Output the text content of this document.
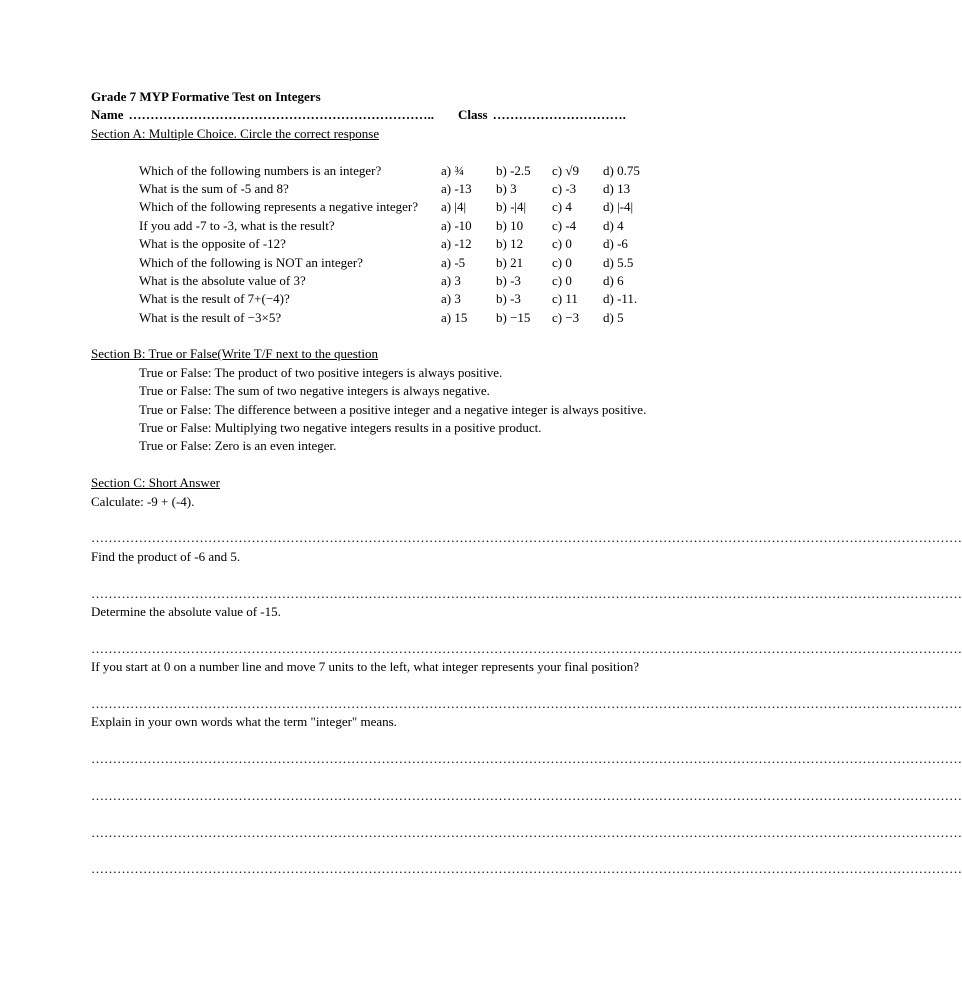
Grade 7 MYP Formative Test on Integers
Name …………………………………………………………….. Class ………………………….
Section A: Multiple Choice. Circle the correct response
Which of the following numbers is an integer?	a) ¾	b) -2.5	c) √9	d) 0.75
What is the sum of -5 and 8?	a) -13	b) 3	c) -3	d) 13
Which of the following represents a negative integer?	a) |4|	b) -|4|	c) 4	d) |-4|
If you add -7 to -3, what is the result?	a) -10	b) 10	c) -4	d) 4
What is the opposite of -12?	a) -12	b) 12	c) 0	d) -6
Which of the following is NOT an integer?	a) -5	b) 21	c) 0	d) 5.5
What is the absolute value of 3?	a) 3	b) -3	c) 0	d) 6
What is the result of 7+(−4)?	a) 3	b) -3	c) 11	d) -11.
What is the result of −3×5?	a) 15	b) −15	c) −3	d) 5
Section B: True or False(Write T/F next to the question
True or False: The product of two positive integers is always positive.
True or False: The sum of two negative integers is always negative.
True or False: The difference between a positive integer and a negative integer is always positive.
True or False: Multiplying two negative integers results in a positive product.
True or False: Zero is an even integer.
Section C: Short Answer
Calculate: -9 + (-4).
…………………………………………………………………………………………………………………………………………………………………………………
Find the product of -6 and 5.
…………………………………………………………………………………………………………………………………………………………………………………
Determine the absolute value of -15.
…………………………………………………………………………………………………………………………………………………………………………………
If you start at 0 on a number line and move 7 units to the left, what integer represents your final position?
…………………………………………………………………………………………………………………………………………………………………………………
Explain in your own words what the term "integer" means.
…………………………………………………………………………………………………………………………………………………………………………………
…………………………………………………………………………………………………………………………………………………………………………………
…………………………………………………………………………………………………………………………………………………………………………………
…………………………………………………………………………………………………………………………………………………………………………………
